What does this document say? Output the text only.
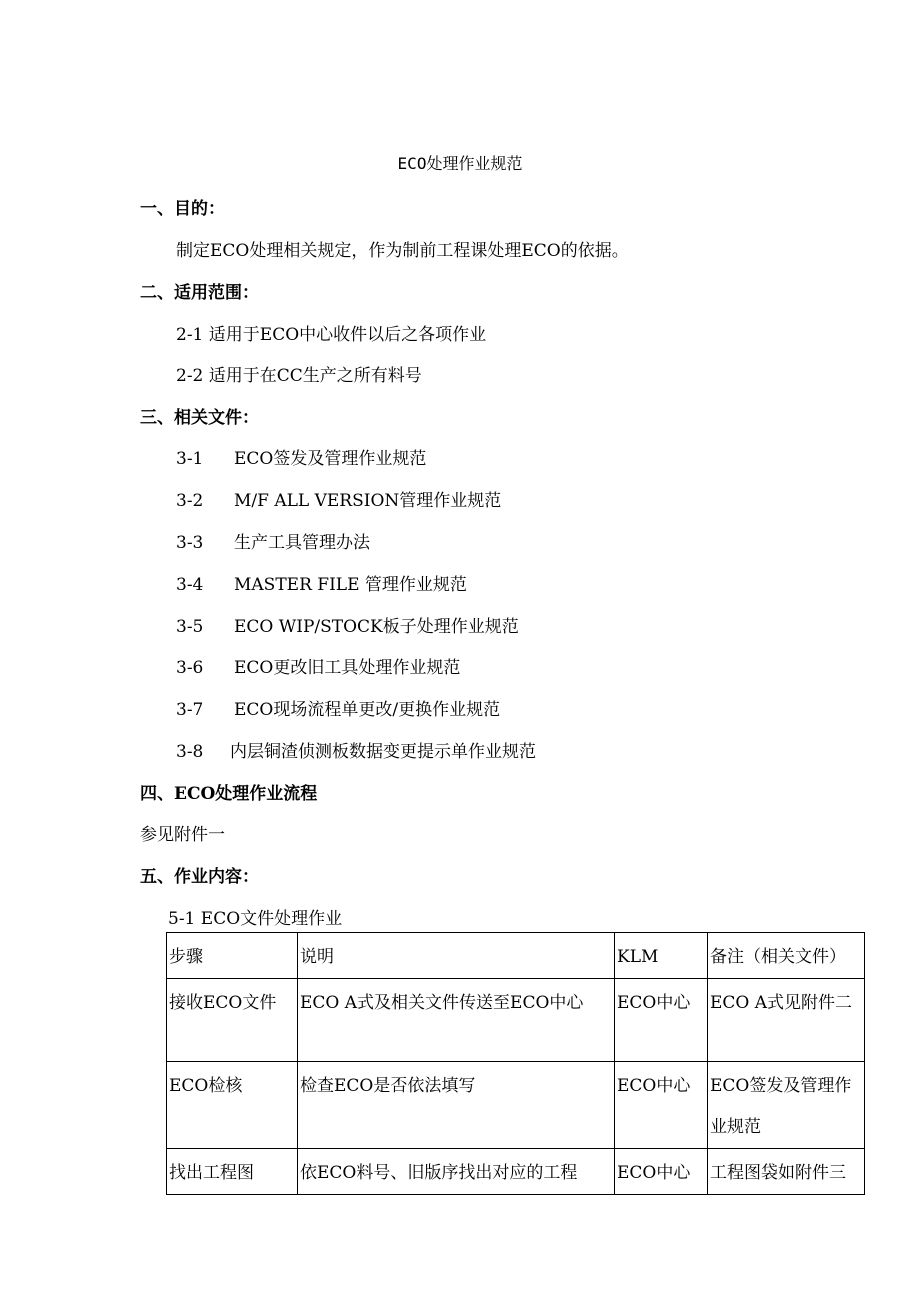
ECO处理作业规范
一、目的：
制定ECO处理相关规定，作为制前工程课处理ECO的依据。
二、适用范围：
2-1 适用于ECO中心收件以后之各项作业
2-2 适用于在CC生产之所有料号
三、相关文件：
3-1 ECO签发及管理作业规范
3-2 M/F ALL VERSION管理作业规范
3-3 生产工具管理办法
3-4 MASTER FILE 管理作业规范
3-5 ECO WIP/STOCK板子处理作业规范
3-6 ECO更改旧工具处理作业规范
3-7 ECO现场流程单更改/更换作业规范
3-8 内层铜渣侦测板数据变更提示单作业规范
四、ECO处理作业流程
参见附件一
五、作业内容：
5-1 ECO文件处理作业
步骤	说明	KLM	备注（相关文件）
接收ECO文件	ECO A式及相关文件传送至ECO中心	ECO中心	ECO A式见附件二
ECO检核	检查ECO是否依法填写	ECO中心	ECO签发及管理作业规范
找出工程图	依ECO料号、旧版序找出对应的工程	ECO中心	工程图袋如附件三
